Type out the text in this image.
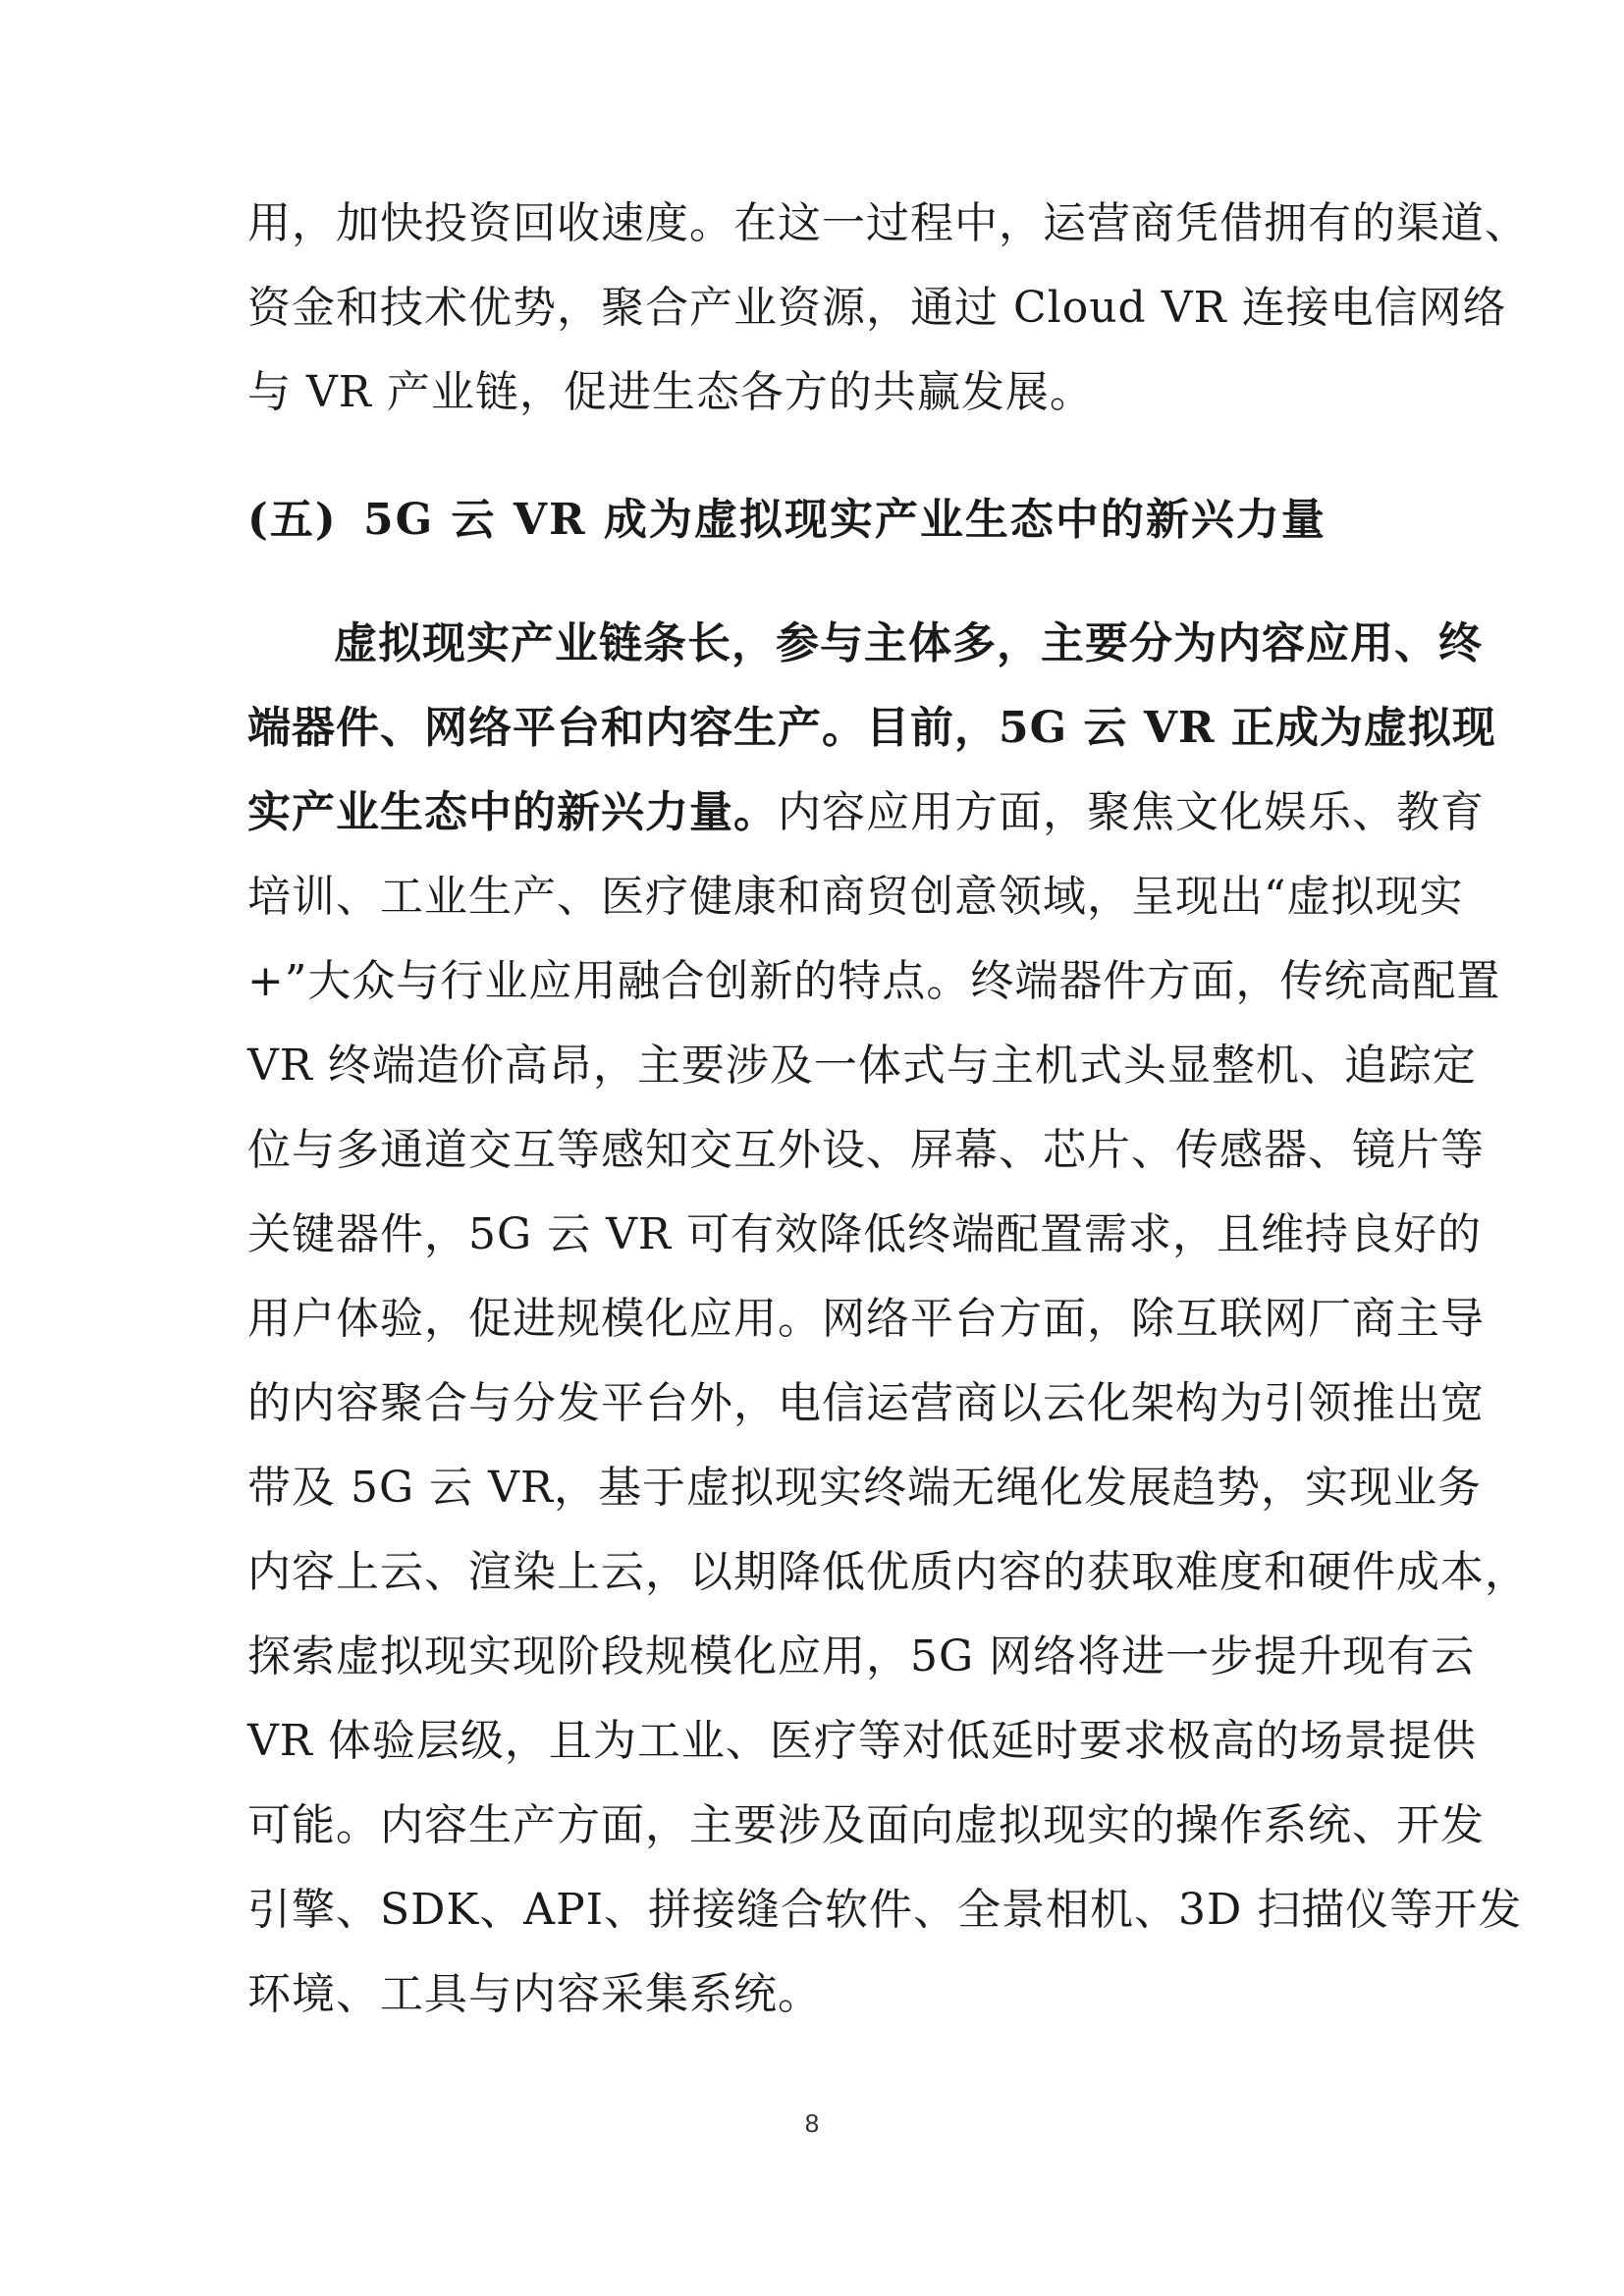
用，加快投资回收速度。在这一过程中，运营商凭借拥有的渠道、
资金和技术优势，聚合产业资源，通过 Cloud VR 连接电信网络
与 VR 产业链，促进生态各方的共赢发展。
(五) 5G 云 VR 成为虚拟现实产业生态中的新兴力量
虚拟现实产业链条长，参与主体多，主要分为内容应用、终
端器件、网络平台和内容生产。目前，5G 云 VR 正成为虚拟现
实产业生态中的新兴力量。内容应用方面，聚焦文化娱乐、教育
培训、工业生产、医疗健康和商贸创意领域，呈现出“虚拟现实
+”大众与行业应用融合创新的特点。终端器件方面，传统高配置
VR 终端造价高昂，主要涉及一体式与主机式头显整机、追踪定
位与多通道交互等感知交互外设、屏幕、芯片、传感器、镜片等
关键器件，5G 云 VR 可有效降低终端配置需求，且维持良好的
用户体验，促进规模化应用。网络平台方面，除互联网厂商主导
的内容聚合与分发平台外，电信运营商以云化架构为引领推出宽
带及 5G 云 VR，基于虚拟现实终端无绳化发展趋势，实现业务
内容上云、渲染上云，以期降低优质内容的获取难度和硬件成本，
探索虚拟现实现阶段规模化应用，5G 网络将进一步提升现有云
VR 体验层级，且为工业、医疗等对低延时要求极高的场景提供
可能。内容生产方面，主要涉及面向虚拟现实的操作系统、开发
引擎、SDK、API、拼接缝合软件、全景相机、3D 扫描仪等开发
环境、工具与内容采集系统。
8
